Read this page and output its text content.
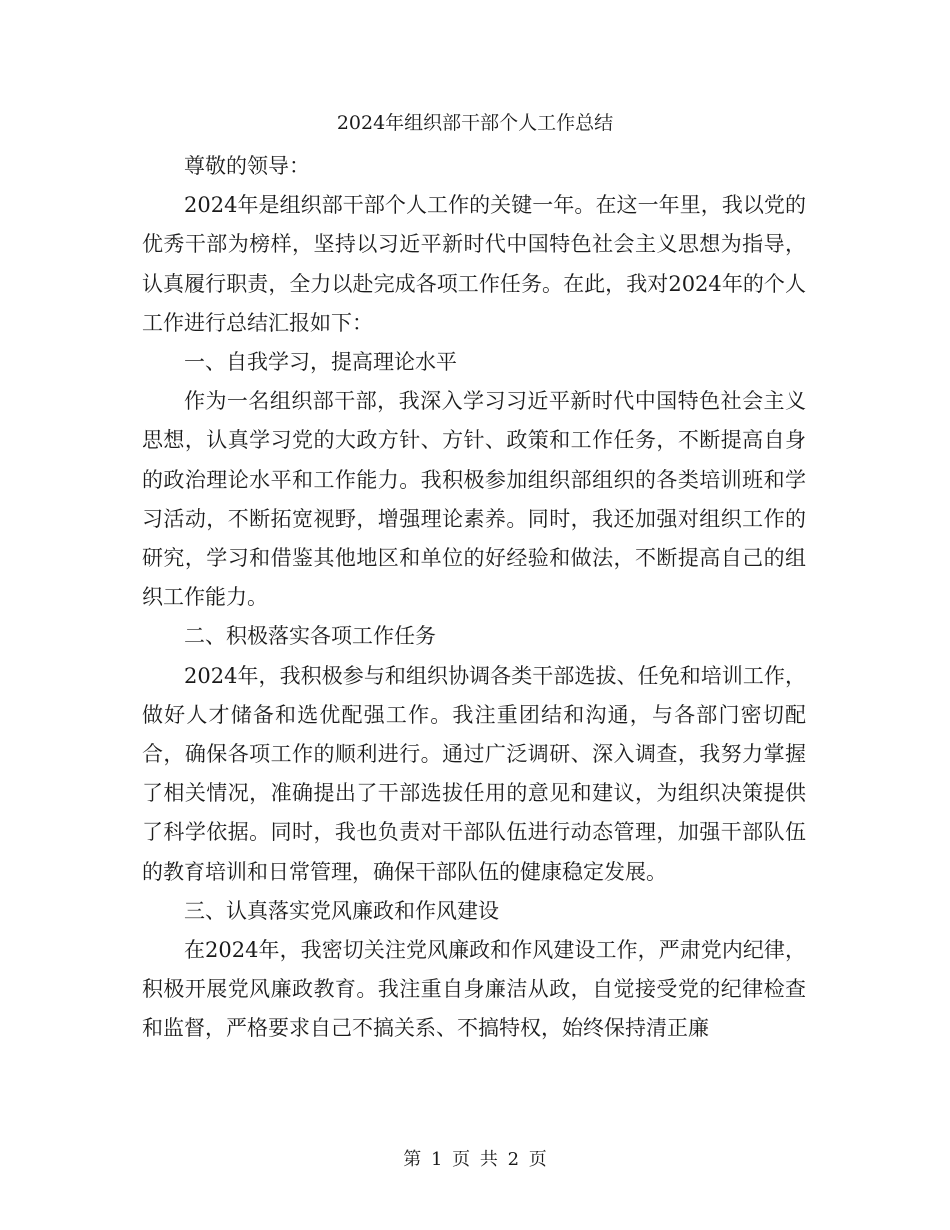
2024年组织部干部个人工作总结

尊敬的领导：

2024年是组织部干部个人工作的关键一年。在这一年里，我以党的优秀干部为榜样，坚持以习近平新时代中国特色社会主义思想为指导，认真履行职责，全力以赴完成各项工作任务。在此，我对2024年的个人工作进行总结汇报如下：

一、自我学习，提高理论水平

作为一名组织部干部，我深入学习习近平新时代中国特色社会主义思想，认真学习党的大政方针、方针、政策和工作任务，不断提高自身的政治理论水平和工作能力。我积极参加组织部组织的各类培训班和学习活动，不断拓宽视野，增强理论素养。同时，我还加强对组织工作的研究，学习和借鉴其他地区和单位的好经验和做法，不断提高自己的组织工作能力。

二、积极落实各项工作任务

2024年，我积极参与和组织协调各类干部选拔、任免和培训工作，做好人才储备和选优配强工作。我注重团结和沟通，与各部门密切配合，确保各项工作的顺利进行。通过广泛调研、深入调查，我努力掌握了相关情况，准确提出了干部选拔任用的意见和建议，为组织决策提供了科学依据。同时，我也负责对干部队伍进行动态管理，加强干部队伍的教育培训和日常管理，确保干部队伍的健康稳定发展。

三、认真落实党风廉政和作风建设

在2024年，我密切关注党风廉政和作风建设工作，严肃党内纪律，积极开展党风廉政教育。我注重自身廉洁从政，自觉接受党的纪律检查和监督，严格要求自己不搞关系、不搞特权，始终保持清正廉

第 1 页 共 2 页
